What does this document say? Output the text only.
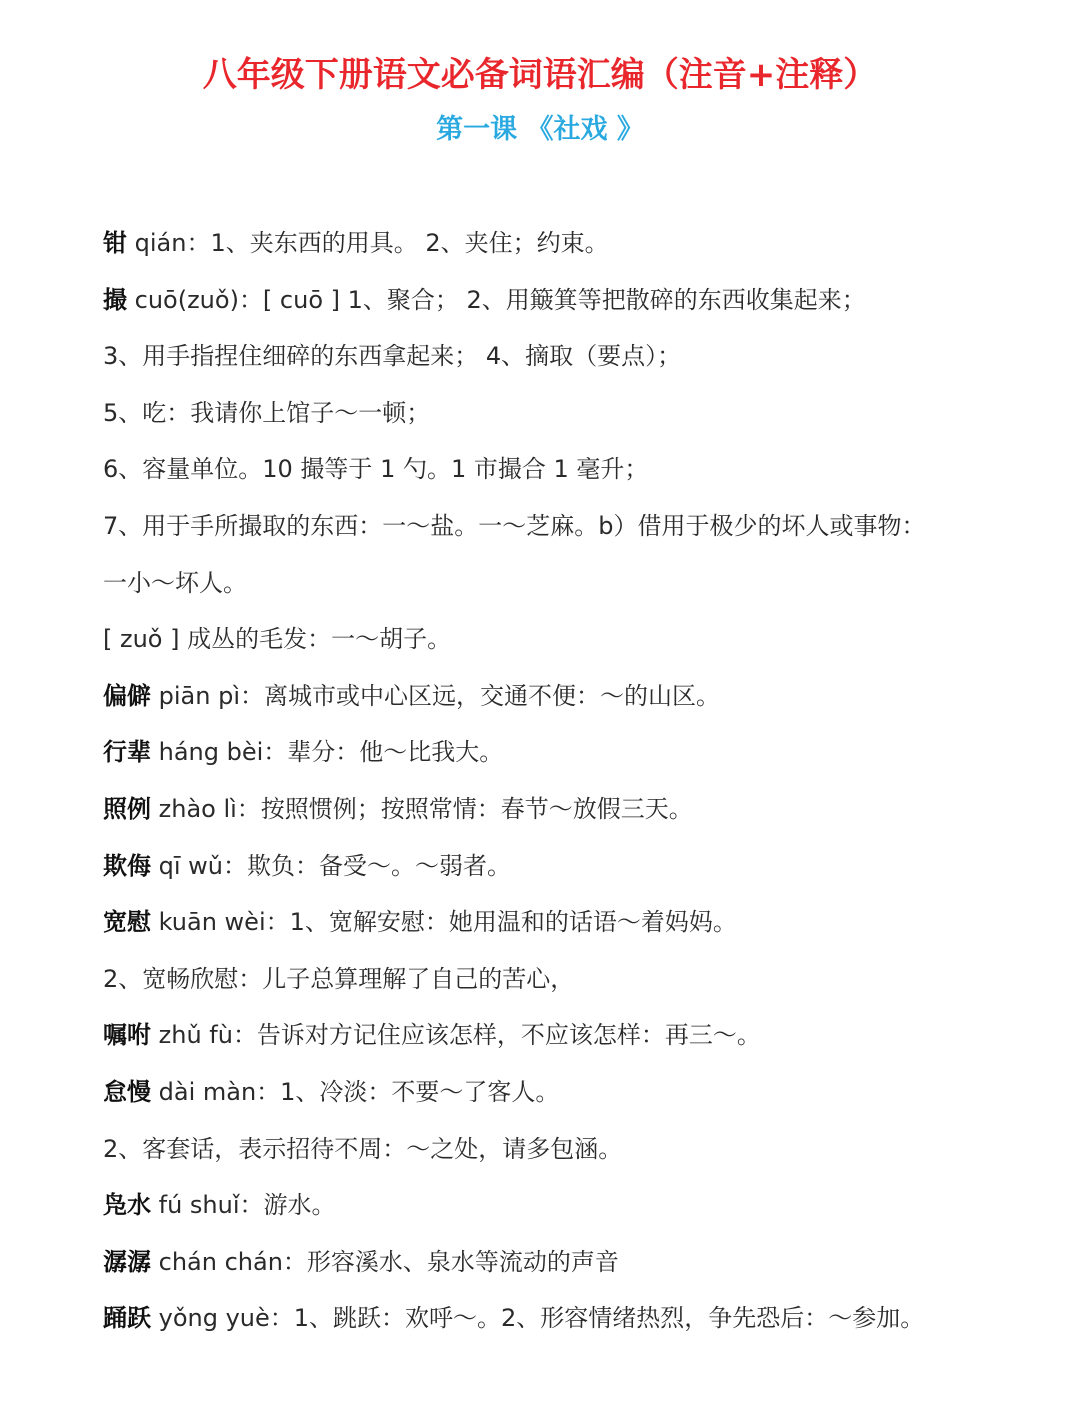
八年级下册语文必备词语汇编（注音+注释）
第一课 《社戏 》
钳 qián：1、夹东西的用具。 2、夹住；约束。
撮 cuō(zuǒ)：[ cuō ] 1、聚合； 2、用簸箕等把散碎的东西收集起来；
3、用手指捏住细碎的东西拿起来； 4、摘取（要点）；
5、吃：我请你上馆子～一顿；
6、容量单位。10 撮等于 1 勺。1 市撮合 1 毫升；
7、用于手所撮取的东西：一～盐。一～芝麻。b）借用于极少的坏人或事物：
一小～坏人。
[ zuǒ ] 成丛的毛发：一～胡子。
偏僻 piān pì：离城市或中心区远，交通不便：～的山区。
行辈 háng bèi：辈分：他～比我大。
照例 zhào lì：按照惯例；按照常情：春节～放假三天。
欺侮 qī wǔ：欺负：备受～。～弱者。
宽慰 kuān wèi：1、宽解安慰：她用温和的话语～着妈妈。
2、宽畅欣慰：儿子总算理解了自己的苦心，
嘱咐 zhǔ fù：告诉对方记住应该怎样，不应该怎样：再三～。
怠慢 dài màn：1、冷淡：不要～了客人。
2、客套话，表示招待不周：～之处，请多包涵。
凫水 fú shuǐ：游水。
潺潺 chán chán：形容溪水、泉水等流动的声音
踊跃 yǒng yuè：1、跳跃：欢呼～。2、形容情绪热烈，争先恐后：～参加。
